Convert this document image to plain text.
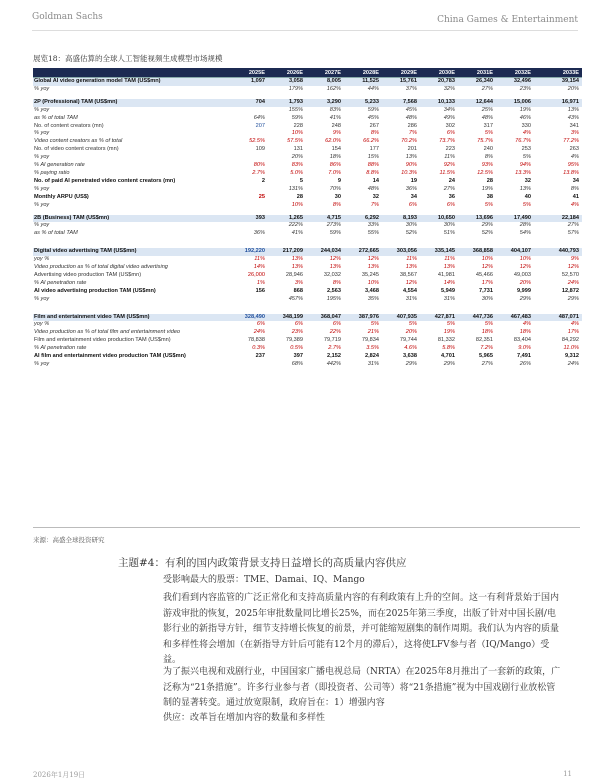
Goldman Sachs	China Games & Entertainment
展览18：高盛估算的全球人工智能视频生成模型市场规模
	2025E	2026E	2027E	2028E	2029E	2030E	2031E	2032E	2033E
Global AI video generation model TAM (US$mn)	1,097	3,058	8,005	11,525	15,761	20,783	26,340	32,496	39,154
% yoy		179%	162%	44%	37%	32%	27%	23%	20%

2P (Professional) TAM (US$mn)	704	1,793	3,290	5,233	7,568	10,133	12,644	15,006	16,971
% yoy		155%	83%	59%	45%	34%	25%	19%	13%
as % of total TAM	64%	59%	41%	45%	48%	49%	48%	46%	43%
No. of content creators (mn)	207	228	248	267	286	302	317	330	341
% yoy		10%	9%	8%	7%	6%	5%	4%	3%
Video content creators as % of total	52.5%	57.5%	62.0%	66.2%	70.2%	73.7%	75.7%	76.7%	77.2%
No. of video content creators (mn)	109	131	154	177	201	223	240	253	263
% yoy		20%	18%	15%	13%	11%	8%	5%	4%
% AI generation rate	80%	83%	86%	88%	90%	92%	93%	94%	95%
% paying ratio	2.7%	5.0%	7.0%	8.8%	10.3%	11.5%	12.5%	13.3%	13.8%
No. of paid AI penetrated video content creators (mn)	2	5	9	14	19	24	28	32	34
% yoy		131%	70%	48%	36%	27%	19%	13%	8%
Monthly ARPU (US$)	25	28	30	32	34	36	38	40	41
% yoy		10%	8%	7%	6%	6%	5%	5%	4%

2B (Business) TAM (US$mn)	393	1,265	4,715	6,292	8,193	10,650	13,696	17,490	22,184
% yoy		222%	273%	33%	30%	30%	29%	28%	27%
as % of total TAM	36%	41%	59%	55%	52%	51%	52%	54%	57%

Digital video advertising TAM (US$mn)	192,220	217,209	244,034	272,665	303,056	335,145	368,858	404,107	440,793
yoy %	11%	13%	12%	12%	11%	11%	10%	10%	9%
Video production as % of total digital video advertising	14%	13%	13%	13%	13%	13%	12%	12%	12%
Advertising video production TAM (US$mn)	26,000	28,946	32,032	35,245	38,567	41,981	45,466	49,003	52,570
% AI penetration rate	1%	3%	8%	10%	12%	14%	17%	20%	24%
AI video advertising production TAM (US$mn)	156	868	2,563	3,468	4,554	5,949	7,731	9,999	12,872
% yoy		457%	195%	35%	31%	31%	30%	29%	29%

Film and entertainment video TAM (US$mn)	328,490	348,199	368,047	387,976	407,935	427,871	447,736	467,483	487,071
yoy %	6%	6%	6%	5%	5%	5%	5%	4%	4%
Video production as % of total film and entertainment video	24%	23%	22%	21%	20%	19%	18%	18%	17%
Film and entertainment video production TAM (US$mn)	78,838	79,389	79,719	79,834	79,744	81,332	82,351	83,404	84,292
% AI penetration rate	0.3%	0.5%	2.7%	3.5%	4.6%	5.8%	7.2%	9.0%	11.0%
AI film and entertainment video production TAM (US$mn)	237	397	2,152	2,824	3,638	4,701	5,965	7,491	9,312
% yoy		68%	442%	31%	29%	29%	27%	26%	24%
来源：高盛全球投资研究
主题#4：有利的国内政策背景支持日益增长的高质量内容供应
受影响最大的股票：TME、Damai、IQ、Mango

我们看到内容监管的广泛正常化和支持高质量内容的有利政策有上升的空间。这一有利背景始于国内游戏审批的恢复，2025年审批数量同比增长25%，而在2025年第三季度，出版了针对中国长剧/电影行业的新指导方针，细节支持增长恢复的前景，并可能缩短剧集的制作周期。我们认为内容的质量和多样性将会增加（在新指导方针后可能有12个月的滞后），这将使LFV参与者（IQ/Mango）受益。

为了振兴电视和戏剧行业，中国国家广播电视总局（NRTA）在2025年8月推出了一套新的政策，广泛称为“21条措施”。许多行业参与者（即投资者、公司等）将“21条措施”视为中国戏剧行业放松管制的显著转变。通过放宽限制，政府旨在：1）增强内容

供应：改革旨在增加内容的数量和多样性

2026年1月19日	11
